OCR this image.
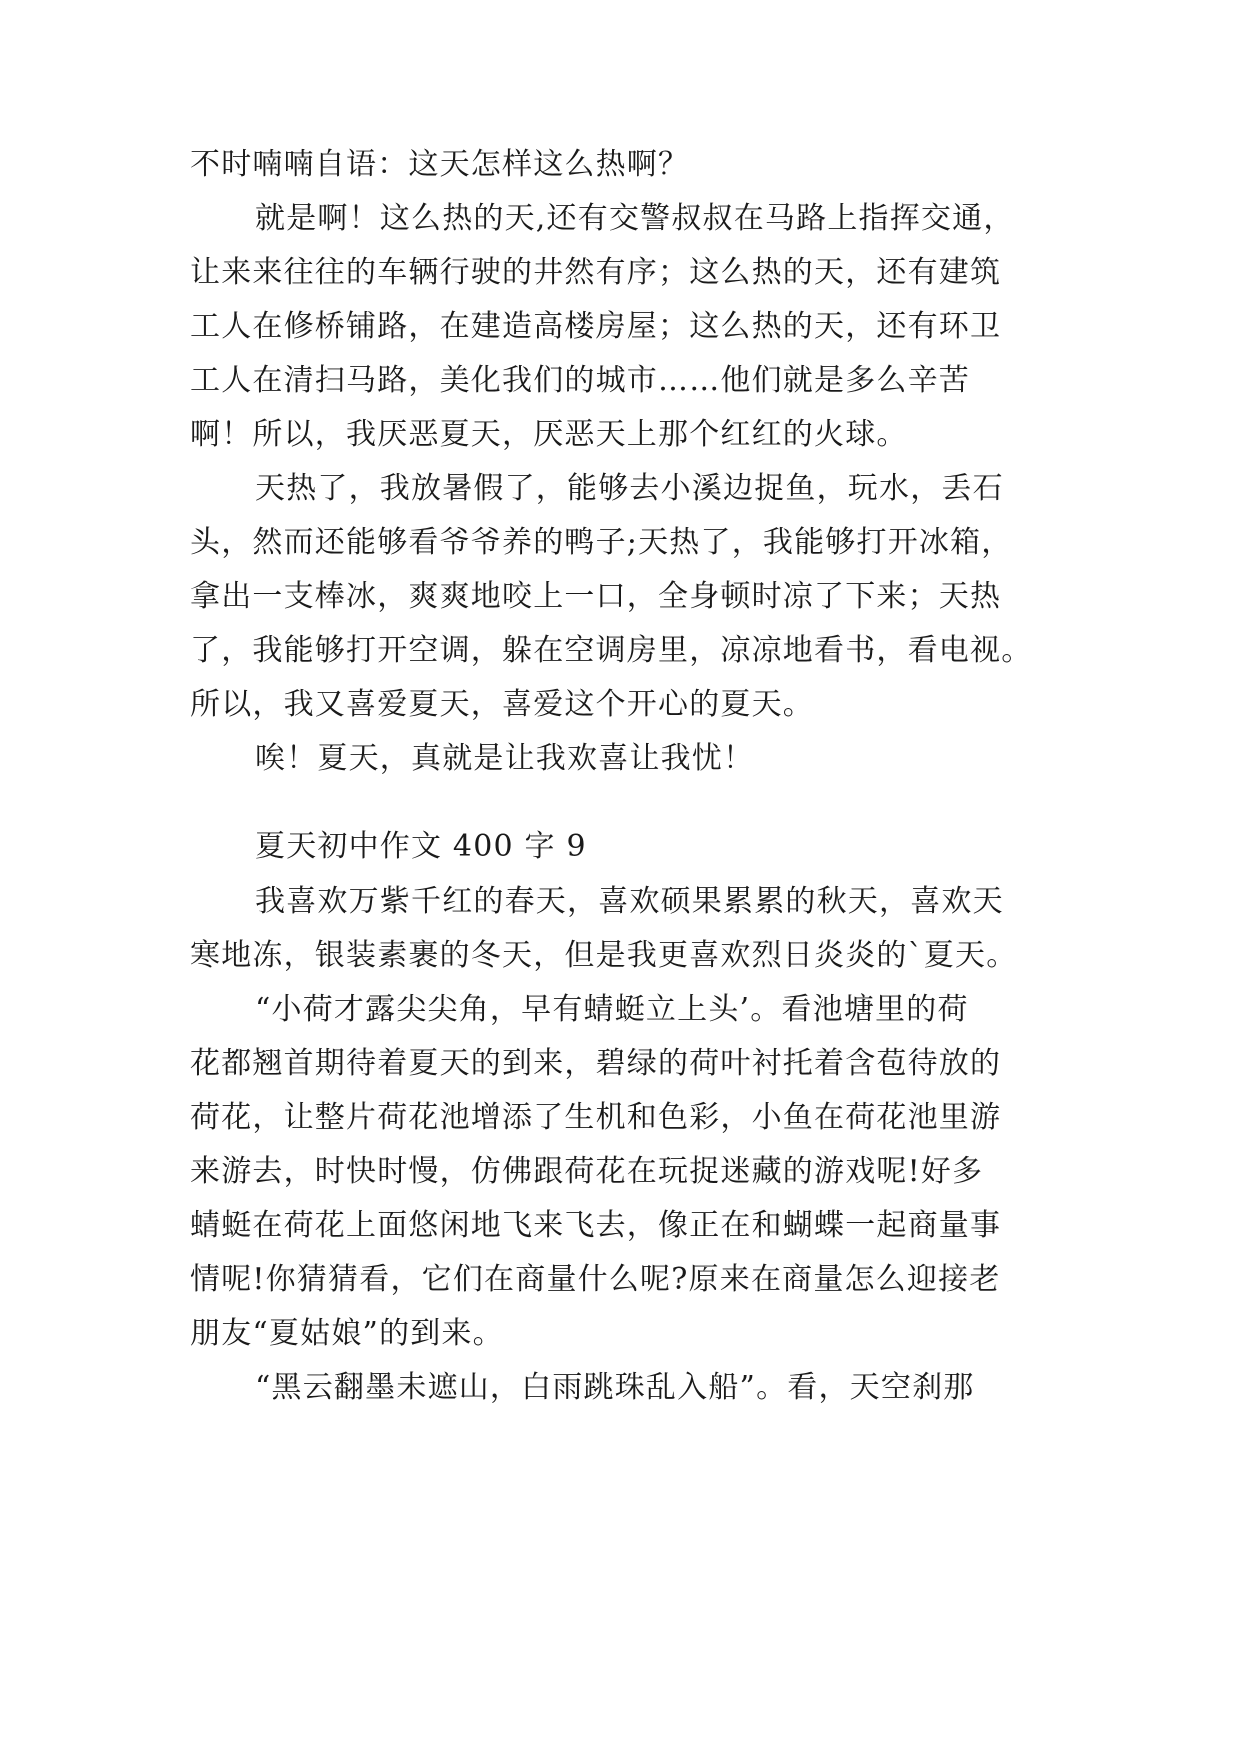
不时喃喃自语：这天怎样这么热啊？
就是啊！这么热的天,还有交警叔叔在马路上指挥交通，
让来来往往的车辆行驶的井然有序；这么热的天，还有建筑
工人在修桥铺路，在建造高楼房屋；这么热的天，还有环卫
工人在清扫马路，美化我们的城市……他们就是多么辛苦
啊！所以，我厌恶夏天，厌恶天上那个红红的火球。
天热了，我放暑假了，能够去小溪边捉鱼，玩水，丢石
头，然而还能够看爷爷养的鸭子;天热了，我能够打开冰箱，
拿出一支棒冰，爽爽地咬上一口，全身顿时凉了下来；天热
了，我能够打开空调，躲在空调房里，凉凉地看书，看电视。
所以，我又喜爱夏天，喜爱这个开心的夏天。
唉！夏天，真就是让我欢喜让我忧！
夏天初中作文 400 字 9
我喜欢万紫千红的春天，喜欢硕果累累的秋天，喜欢天
寒地冻，银装素裹的冬天，但是我更喜欢烈日炎炎的`夏天。
“小荷才露尖尖角，早有蜻蜓立上头’。看池塘里的荷
花都翘首期待着夏天的到来，碧绿的荷叶衬托着含苞待放的
荷花，让整片荷花池增添了生机和色彩，小鱼在荷花池里游
来游去，时快时慢，仿佛跟荷花在玩捉迷藏的游戏呢!好多
蜻蜓在荷花上面悠闲地飞来飞去，像正在和蝴蝶一起商量事
情呢!你猜猜看，它们在商量什么呢?原来在商量怎么迎接老
朋友“夏姑娘”的到来。
“黑云翻墨未遮山，白雨跳珠乱入船”。看，天空刹那
